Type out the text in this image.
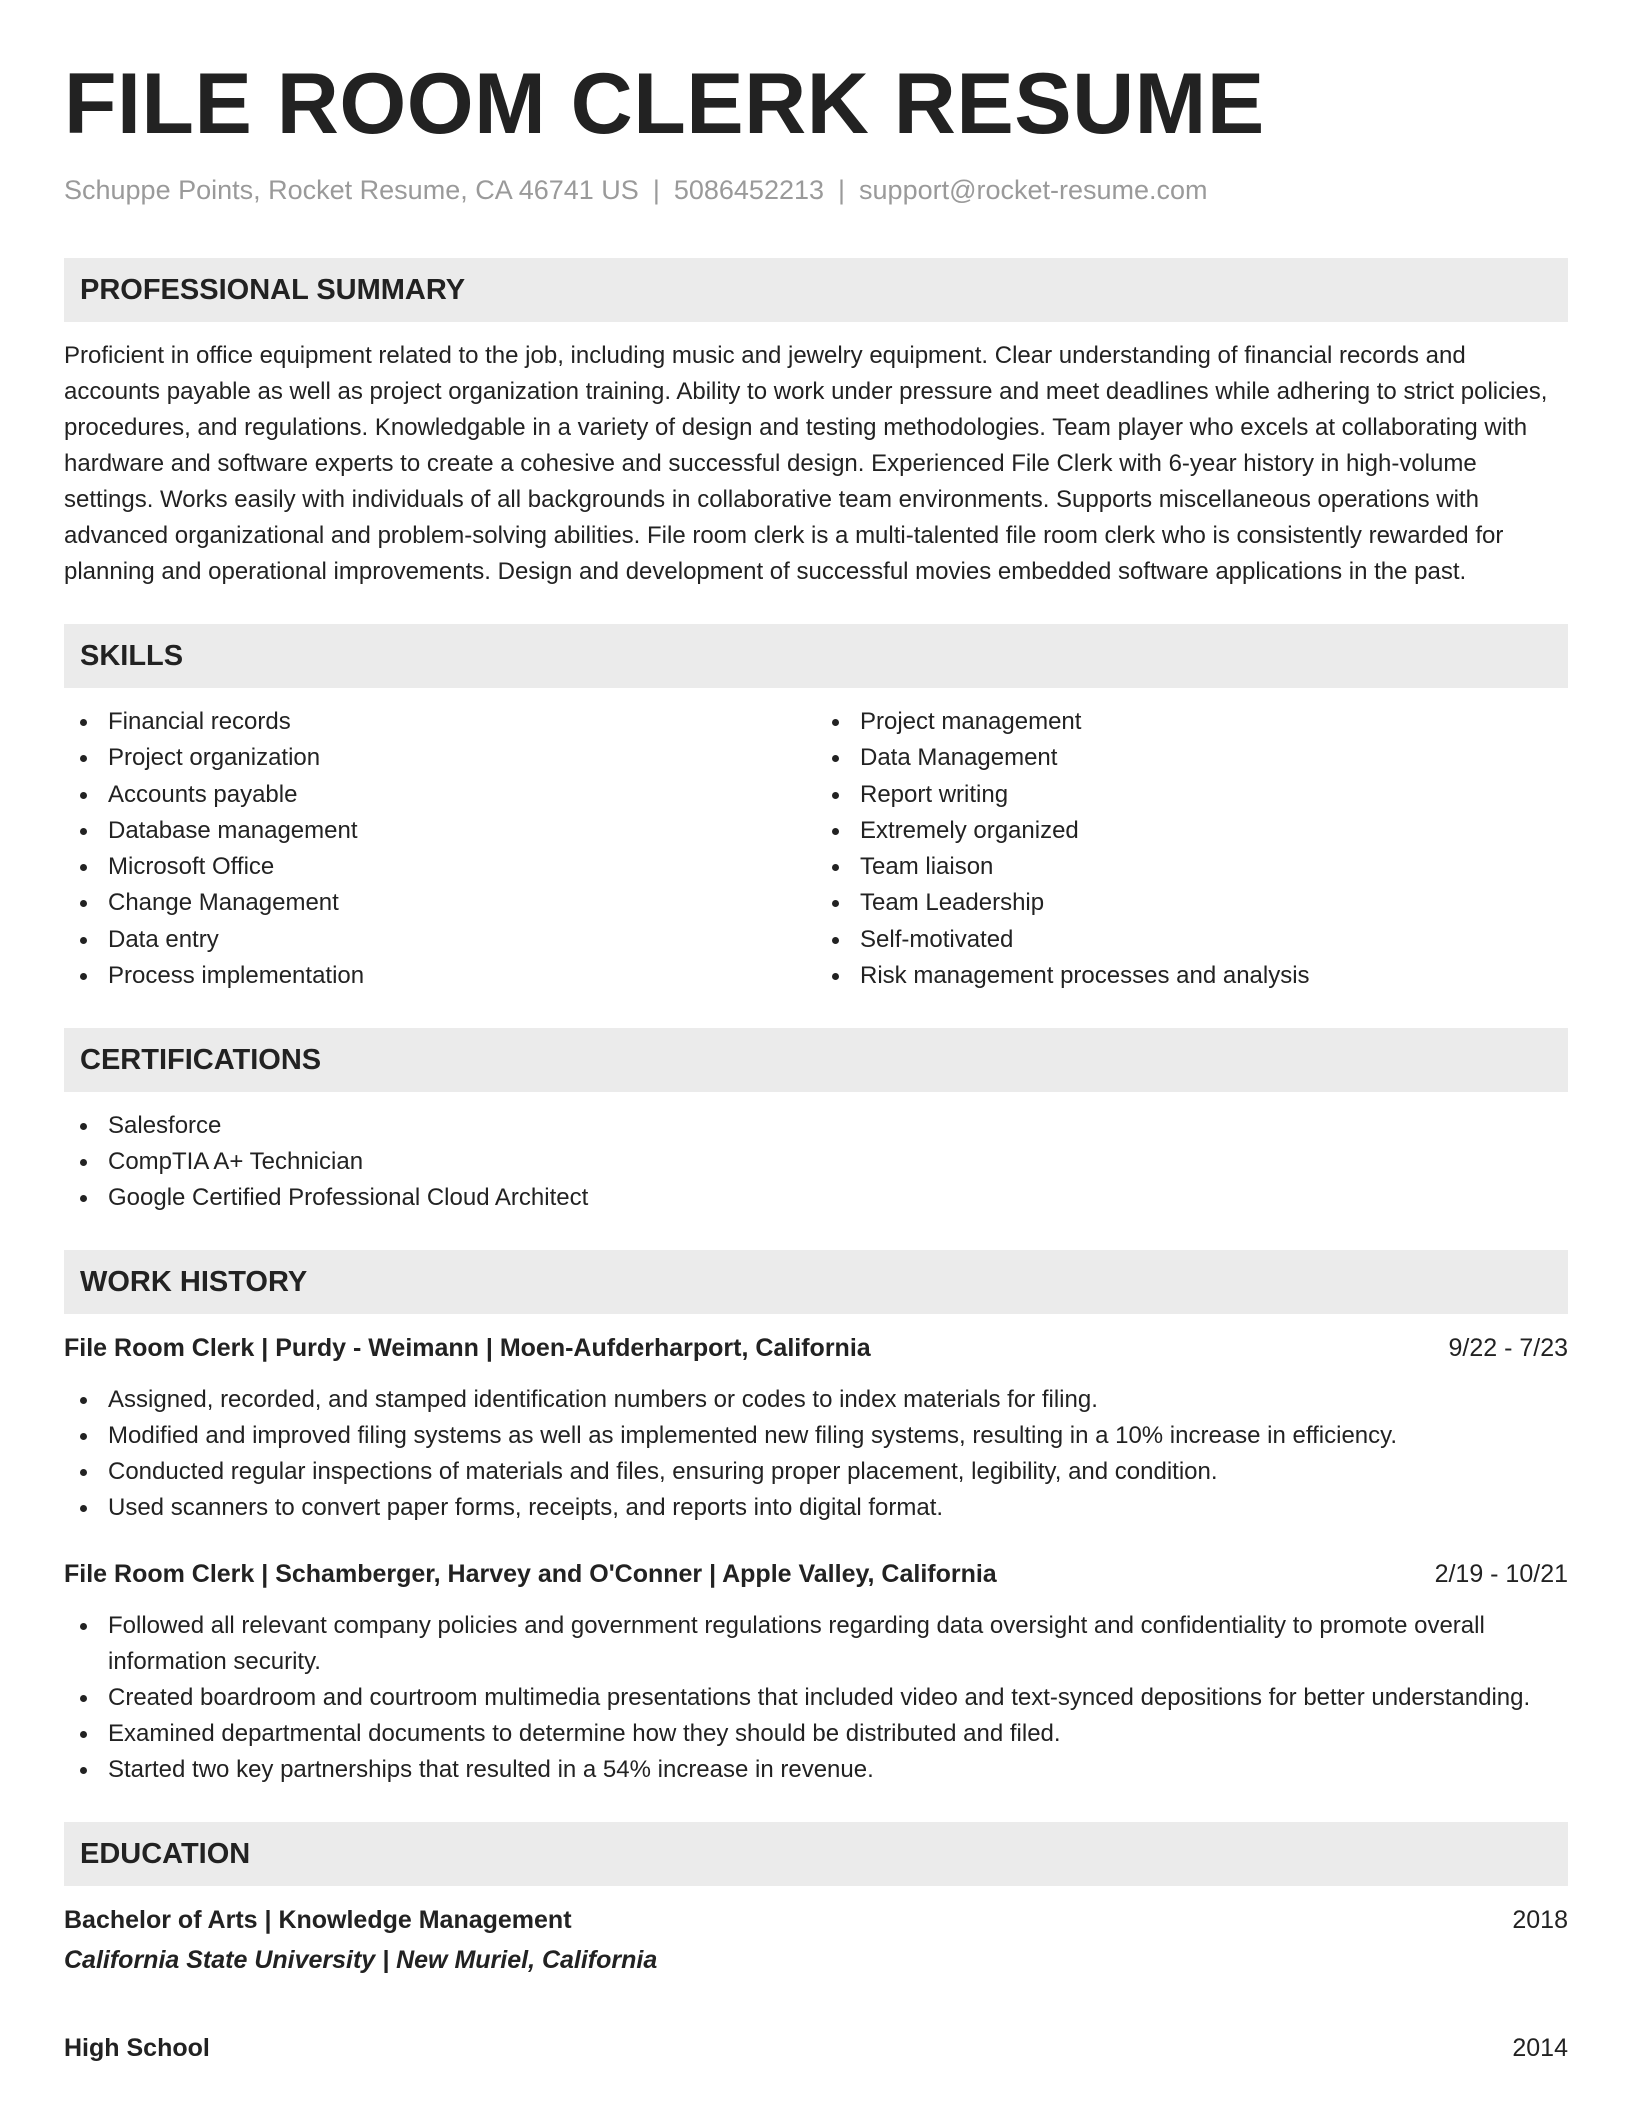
FILE ROOM CLERK RESUME
Schuppe Points, Rocket Resume, CA 46741 US | 5086452213 | support@rocket-resume.com
PROFESSIONAL SUMMARY

Proficient in office equipment related to the job, including music and jewelry equipment. Clear understanding of financial records and accounts payable as well as project organization training. Ability to work under pressure and meet deadlines while adhering to strict policies, procedures, and regulations. Knowledgable in a variety of design and testing methodologies. Team player who excels at collaborating with hardware and software experts to create a cohesive and successful design. Experienced File Clerk with 6-year history in high-volume settings. Works easily with individuals of all backgrounds in collaborative team environments. Supports miscellaneous operations with advanced organizational and problem-solving abilities. File room clerk is a multi-talented file room clerk who is consistently rewarded for planning and operational improvements. Design and development of successful movies embedded software applications in the past.

SKILLS
Financial records
Project organization
Accounts payable
Database management
Microsoft Office
Change Management
Data entry
Process implementation
Project management
Data Management
Report writing
Extremely organized
Team liaison
Team Leadership
Self-motivated
Risk management processes and analysis
CERTIFICATIONS
Salesforce
CompTIA A+ Technician
Google Certified Professional Cloud Architect
WORK HISTORY
File Room Clerk | Purdy - Weimann | Moen-Aufderharport, California	9/22 - 7/23
Assigned, recorded, and stamped identification numbers or codes to index materials for filing.
Modified and improved filing systems as well as implemented new filing systems, resulting in a 10% increase in efficiency.
Conducted regular inspections of materials and files, ensuring proper placement, legibility, and condition.
Used scanners to convert paper forms, receipts, and reports into digital format.
File Room Clerk | Schamberger, Harvey and O'Conner | Apple Valley, California	2/19 - 10/21
Followed all relevant company policies and government regulations regarding data oversight and confidentiality to promote overall information security.
Created boardroom and courtroom multimedia presentations that included video and text-synced depositions for better understanding.
Examined departmental documents to determine how they should be distributed and filed.
Started two key partnerships that resulted in a 54% increase in revenue.
EDUCATION
Bachelor of Arts | Knowledge Management	2018
California State University | New Muriel, California
High School	2014
